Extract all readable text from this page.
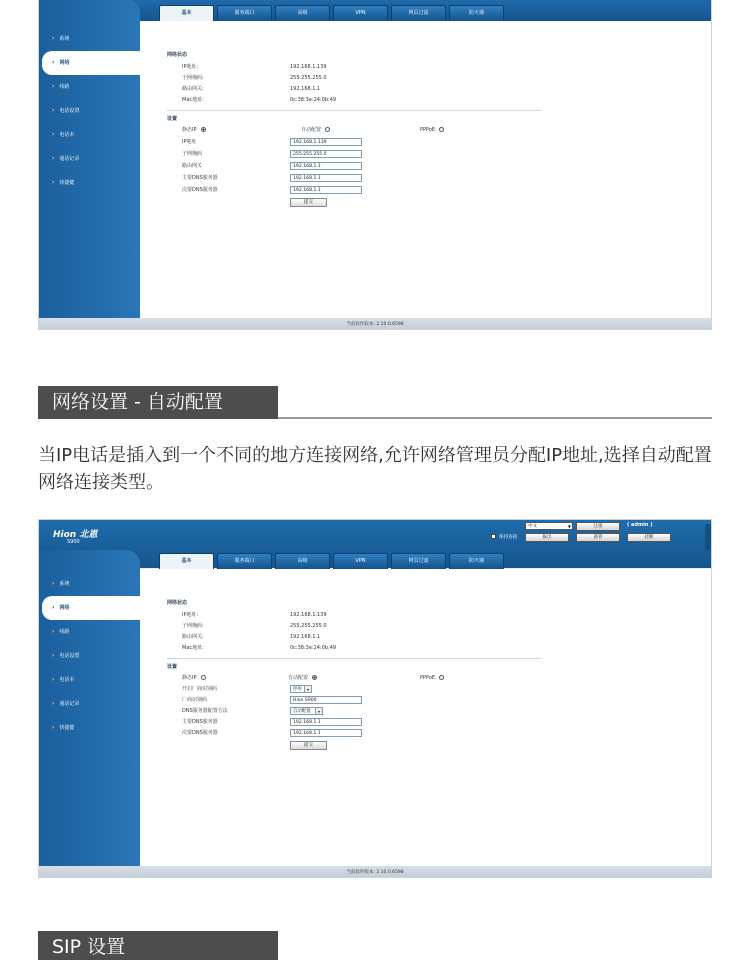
基本	服务端口	高级	VPN	网页过滤	防火墙
› 系统
› 网络
› 线路
› 电话设置
› 电话本
› 通话记录
› 快捷键
网络状态
IP地址:	192.168.1.139
子网掩码:	255.255.255.0
路由网关:	192.168.1.1
Mac地址:	0c:38:3e:24:0b:49
设置
静态IP	自动配置	PPPoE
IP地址	192.168.1.139
子网掩码	255.255.255.0
路由网关	192.168.1.1
主要DNS服务器	192.168.1.1
次要DNS服务器	192.168.1.1
提交
当前软件版本: 2.10.0.6598
网络设置 - 自动配置
当IP电话是插入到一个不同的地方连接网络,允许网络管理员分配IP地址,选择自动配置网络连接类型。
Hion 北恩
S900
中文	▼	注销	( admin )
保持连接	拔出	备管	挂断
基本	服务端口	高级	VPN	网页过滤	防火墙
› 系统
› 网络
› 线路
› 电话设置
› 电话本
› 通话记录
› 快捷键
网络状态
IP地址:	192.168.1.139
子网掩码:	255.255.255.0
路由网关:	192.168.1.1
Mac地址:	0c:38:3e:24:0b:49
设置
静态IP	自动配置	PPPoE
开启厂商识别码	停用	▾
厂商识别码	Hion S900
DNS服务器配置方法	自动配置	▾
主要DNS服务器	192.168.1.1
次要DNS服务器	192.168.1.1
提交
当前软件版本: 2.10.0.6598
SIP 设置
